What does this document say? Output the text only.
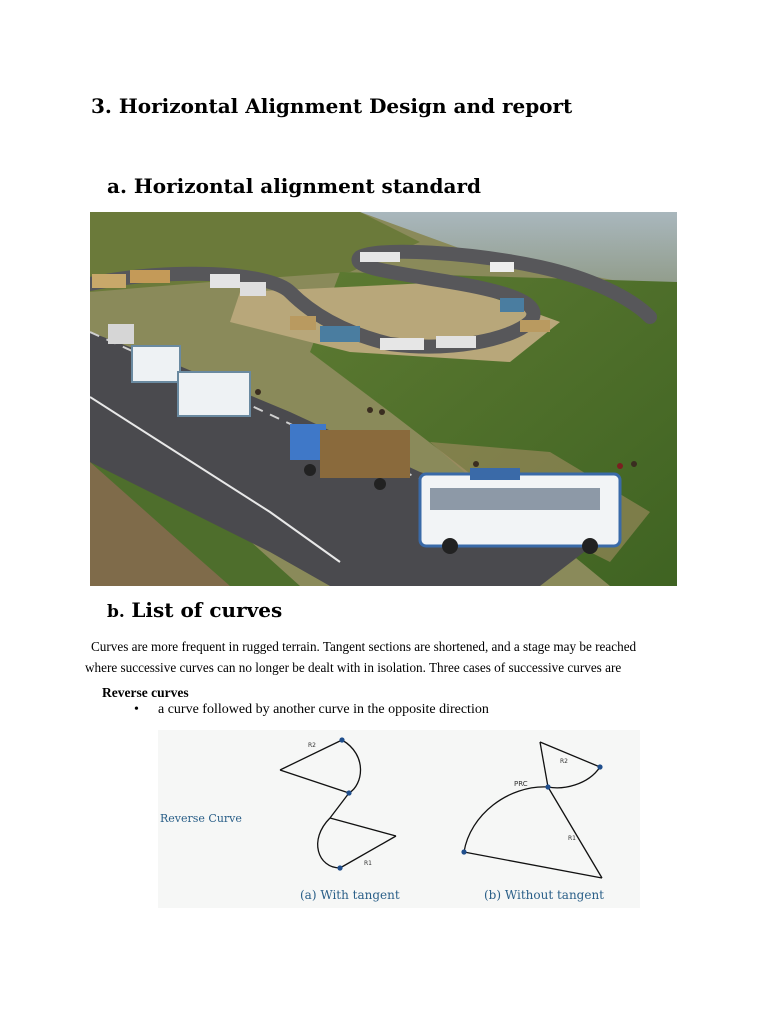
3. Horizontal Alignment Design and report
a. Horizontal alignment standard
b. List of curves

Curves are more frequent in rugged terrain. Tangent sections are shortened, and a stage may be reached
where successive curves can no longer be dealt with in isolation. Three cases of successive curves are

Reverse curves

• a curve followed by another curve in the opposite direction

Reverse Curve
R2
R1
(a) With tangent
PRC
R2
R1
(b) Without tangent
